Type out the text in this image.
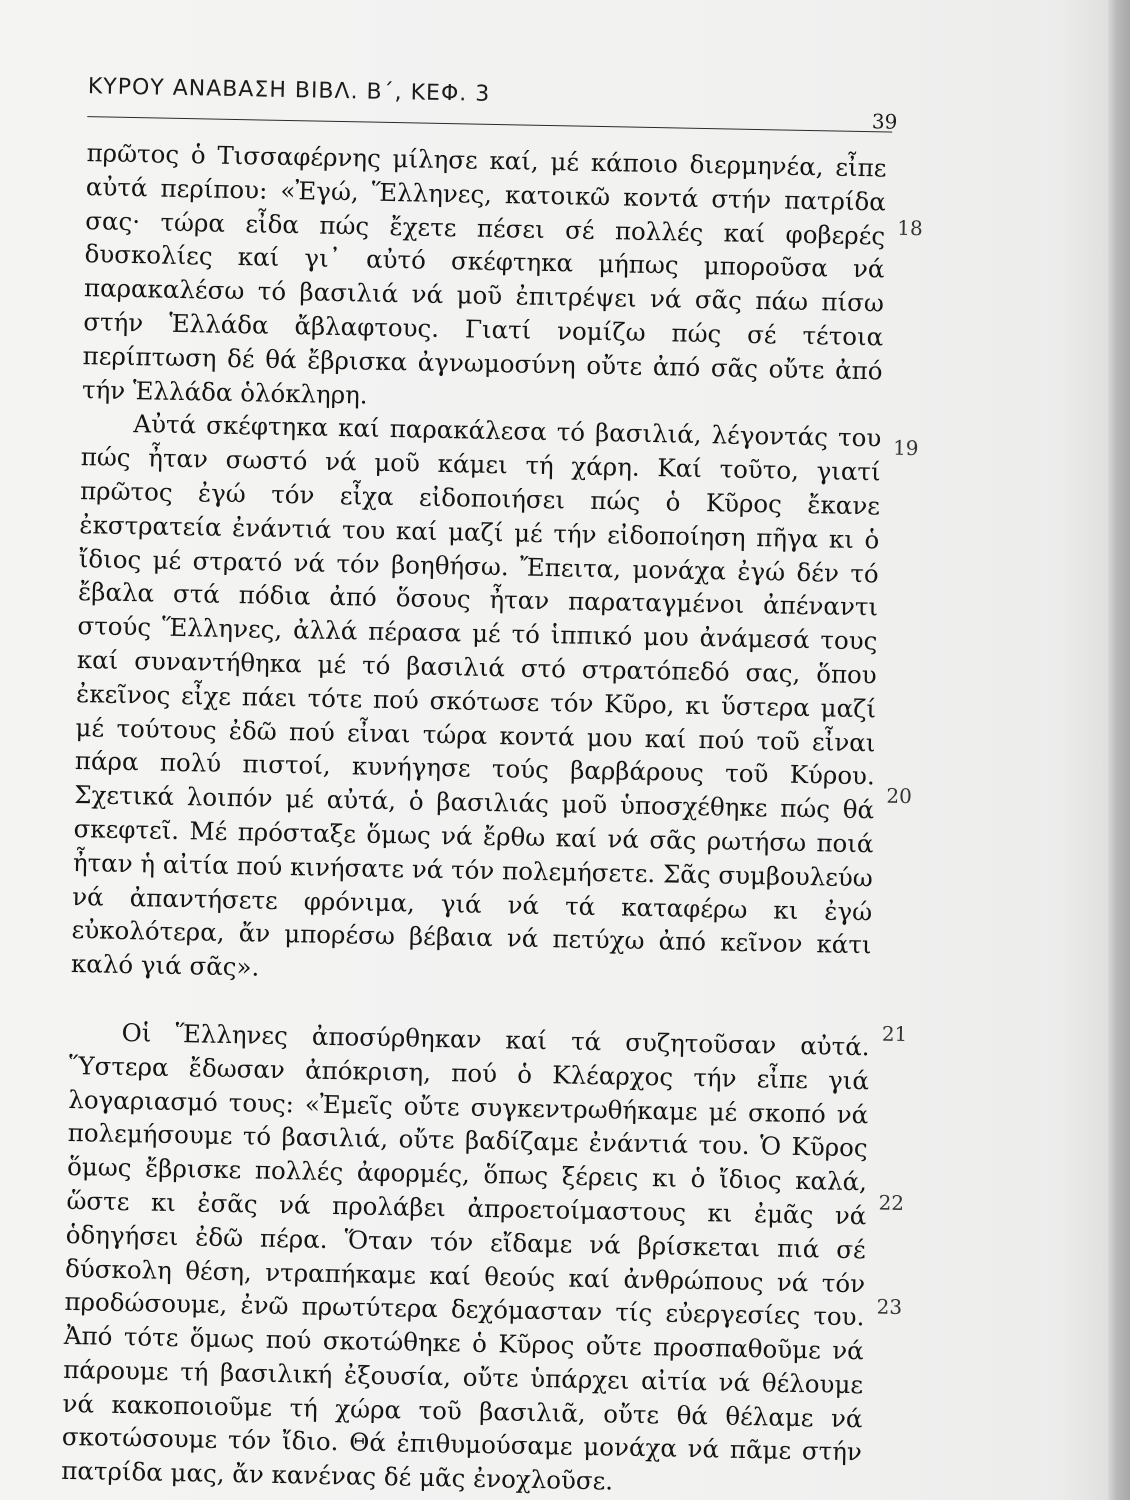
ΚΥΡΟΥ ΑΝΑΒΑΣΗ ΒΙΒΛ. Β΄, ΚΕΦ. 3
39

πρῶτος ὁ Τισσαφέρνης μίλησε καί, μέ κάποιο διερμηνέα, εἶπε αὐτά περίπου: «Ἐγώ, Ἕλληνες, κατοικῶ κοντά στήν πατρίδα σας· τώρα εἶδα πώς ἔχετε πέσει σέ πολλές καί φοβερές δυσκολίες καί γι᾽ αὐτό σκέφτηκα μήπως μποροῦσα νά παρακαλέσω τό βασιλιά νά μοῦ ἐπιτρέψει νά σᾶς πάω πίσω στήν Ἑλλάδα ἄβλαφτους. Γιατί νομίζω πώς σέ τέτοια περίπτωση δέ θά ἔβρισκα ἀγνωμοσύνη οὔτε ἀπό σᾶς οὔτε ἀπό τήν Ἑλλάδα ὁλόκληρη.

Αὐτά σκέφτηκα καί παρακάλεσα τό βασιλιά, λέγοντάς του πώς ἦταν σωστό νά μοῦ κάμει τή χάρη. Καί τοῦτο, γιατί πρῶτος ἐγώ τόν εἶχα εἰδοποιήσει πώς ὁ Κῦρος ἔκανε ἐκστρατεία ἐνάντιά του καί μαζί μέ τήν εἰδοποίηση πῆγα κι ὁ ἴδιος μέ στρατό νά τόν βοηθήσω. Ἔπειτα, μονάχα ἐγώ δέν τό ἔβαλα στά πόδια ἀπό ὅσους ἦταν παραταγμένοι ἀπέναντι στούς Ἕλληνες, ἀλλά πέρασα μέ τό ἱππικό μου ἀνάμεσά τους καί συναντήθηκα μέ τό βασιλιά στό στρατόπεδό σας, ὅπου ἐκεῖνος εἶχε πάει τότε πού σκότωσε τόν Κῦρο, κι ὕστερα μαζί μέ τούτους ἐδῶ πού εἶναι τώρα κοντά μου καί πού τοῦ εἶναι πάρα πολύ πιστοί, κυνήγησε τούς βαρβάρους τοῦ Κύρου. Σχετικά λοιπόν μέ αὐτά, ὁ βασιλιάς μοῦ ὑποσχέθηκε πώς θά σκεφτεῖ. Μέ πρόσταξε ὅμως νά ἔρθω καί νά σᾶς ρωτήσω ποιά ἦταν ἡ αἰτία πού κινήσατε νά τόν πολεμήσετε. Σᾶς συμβουλεύω νά ἀπαντήσετε φρόνιμα, γιά νά τά καταφέρω κι ἐγώ εὐκολότερα, ἄν μπορέσω βέβαια νά πετύχω ἀπό κεῖνον κάτι καλό γιά σᾶς».

Οἱ Ἕλληνες ἀποσύρθηκαν καί τά συζητοῦσαν αὐτά. Ὕστερα ἔδωσαν ἀπόκριση, πού ὁ Κλέαρχος τήν εἶπε γιά λογαριασμό τους: «Ἐμεῖς οὔτε συγκεντρωθήκαμε μέ σκοπό νά πολεμήσουμε τό βασιλιά, οὔτε βαδίζαμε ἐνάντιά του. Ὁ Κῦρος ὅμως ἔβρισκε πολλές ἀφορμές, ὅπως ξέρεις κι ὁ ἴδιος καλά, ὥστε κι ἐσᾶς νά προλάβει ἀπροετοίμαστους κι ἐμᾶς νά ὁδηγήσει ἐδῶ πέρα. Ὅταν τόν εἴδαμε νά βρίσκεται πιά σέ δύσκολη θέση, ντραπήκαμε καί θεούς καί ἀνθρώπους νά τόν προδώσουμε, ἐνῶ πρωτύτερα δεχόμασταν τίς εὐεργεσίες του. Ἀπό τότε ὅμως πού σκοτώθηκε ὁ Κῦρος οὔτε προσπαθοῦμε νά πάρουμε τή βασιλική ἐξουσία, οὔτε ὑπάρχει αἰτία νά θέλουμε νά κακοποιοῦμε τή χώρα τοῦ βασιλιᾶ, οὔτε θά θέλαμε νά σκοτώσουμε τόν ἴδιο. Θά ἐπιθυμούσαμε μονάχα νά πᾶμε στήν πατρίδα μας, ἄν κανένας δέ μᾶς ἐνοχλοῦσε.

18
19
20
21
22
23
